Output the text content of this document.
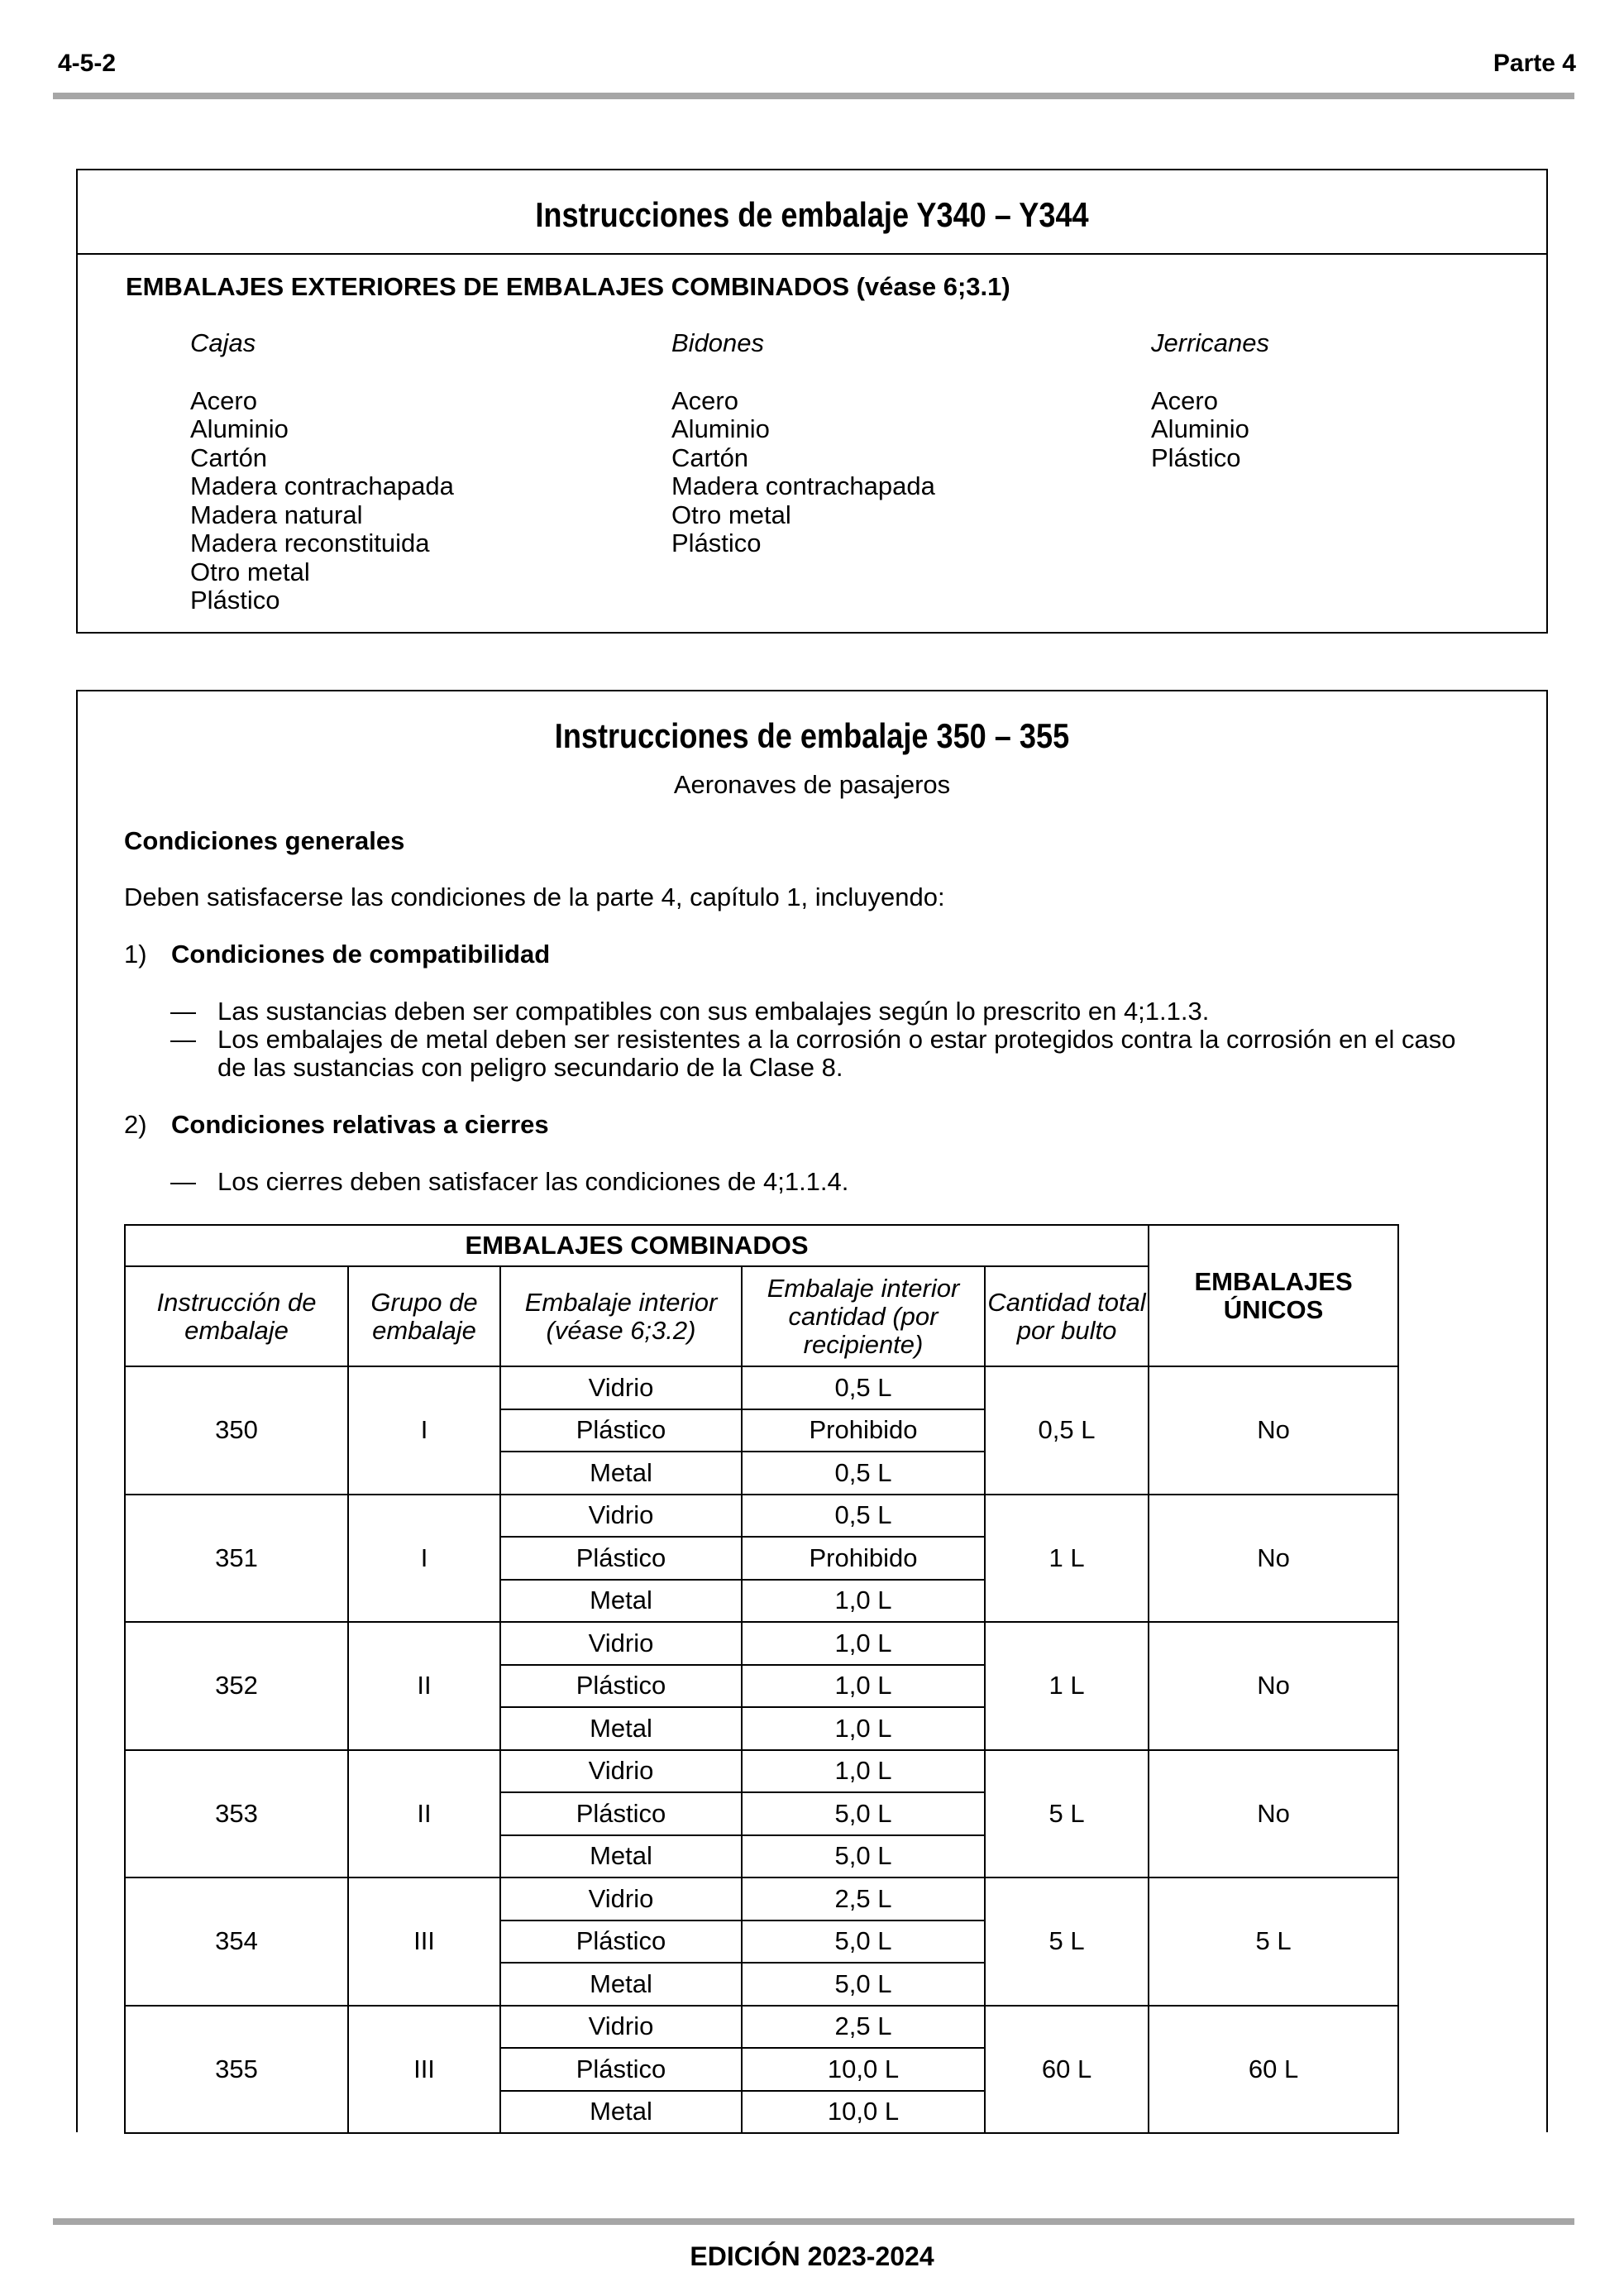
4-5-2	Parte 4
Instrucciones de embalaje Y340 – Y344
EMBALAJES EXTERIORES DE EMBALAJES COMBINADOS (véase 6;3.1)
Cajas
Acero
Aluminio
Cartón
Madera contrachapada
Madera natural
Madera reconstituida
Otro metal
Plástico
Bidones
Acero
Aluminio
Cartón
Madera contrachapada
Otro metal
Plástico
Jerricanes
Acero
Aluminio
Plástico
Instrucciones de embalaje 350 – 355
Aeronaves de pasajeros
Condiciones generales
Deben satisfacerse las condiciones de la parte 4, capítulo 1, incluyendo:
1) Condiciones de compatibilidad
— Las sustancias deben ser compatibles con sus embalajes según lo prescrito en 4;1.1.3.
— Los embalajes de metal deben ser resistentes a la corrosión o estar protegidos contra la corrosión en el caso
de las sustancias con peligro secundario de la Clase 8.
2) Condiciones relativas a cierres
— Los cierres deben satisfacer las condiciones de 4;1.1.4.
EMBALAJES COMBINADOS					EMBALAJES ÚNICOS
Instrucción de embalaje	Grupo de embalaje	Embalaje interior (véase 6;3.2)	Embalaje interior cantidad (por recipiente)	Cantidad total por bulto	
350	I	Vidrio	0,5 L	0,5 L	No
		Plástico	Prohibido		
		Metal	0,5 L		
351	I	Vidrio	0,5 L	1 L	No
		Plástico	Prohibido		
		Metal	1,0 L		
352	II	Vidrio	1,0 L	1 L	No
		Plástico	1,0 L		
		Metal	1,0 L		
353	II	Vidrio	1,0 L	5 L	No
		Plástico	5,0 L		
		Metal	5,0 L		
354	III	Vidrio	2,5 L	5 L	5 L
		Plástico	5,0 L		
		Metal	5,0 L		
355	III	Vidrio	2,5 L	60 L	60 L
		Plástico	10,0 L		
		Metal	10,0 L		
EDICIÓN 2023-2024
